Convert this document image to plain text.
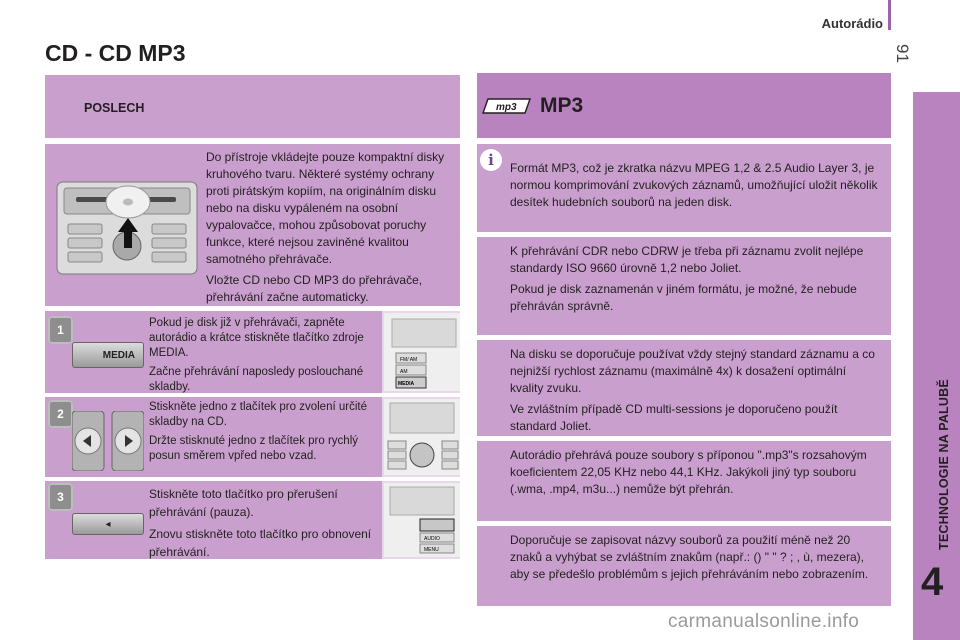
Autorádio
91
TECHNOLOGIE NA PALUBĚ
4
CD - CD MP3
POSLECH

Do přístroje vkládejte pouze kompaktní disky kruhového tvaru. Některé systémy ochrany proti pirátským kopiím, na originálním disku nebo na disku vypáleném na osobní vypalovačce, mohou způsobovat poruchy funkce, které nejsou zaviněné kvalitou samotného přehrávače.

Vložte CD nebo CD MP3 do přehrávače, přehrávání začne automaticky.

1
MEDIA

Pokud je disk již v přehrávači, zapněte autorádio a krátce stiskněte tlačítko zdroje MEDIA.

Začne přehrávání naposledy poslouchané skladby.

FM/ AM
AM
MEDIA
2	Stiskněte jedno z tlačítek pro zvolení určité skladby na CD.

Držte stisknuté jedno z tlačítek pro rychlý posun směrem vpřed nebo vzad.

3
◂

Stiskněte toto tlačítko pro přerušení přehrávání (pauza).

Znovu stiskněte toto tlačítko pro obnovení přehrávání.

AUDIO
MENU
mp3 MP3
i	Formát MP3, což je zkratka názvu MPEG 1,2 & 2.5 Audio Layer 3, je normou komprimování zvukových záznamů, umožňující uložit několik desítek hudebních souborů na jeden disk.

K přehrávání CDR nebo CDRW je třeba při záznamu zvolit nejlépe standardy ISO 9660 úrovně 1,2 nebo Joliet.

Pokud je disk zaznamenán v jiném formátu, je možné, že nebude přehráván správně.

Na disku se doporučuje používat vždy stejný standard záznamu a co nejnižší rychlost záznamu (maximálně 4x) k dosažení optimální kvality zvuku.

Ve zvláštním případě CD multi-sessions je doporučeno použít standard Joliet.

Autorádio přehrává pouze soubory s příponou ".mp3"s rozsahovým koeficientem 22,05 KHz nebo 44,1 KHz. Jakýkoli jiný typ souboru (.wma, .mp4, m3u...) nemůže být přehrán.

Doporučuje se zapisovat názvy souborů za použití méně než 20 znaků a vyhýbat se zvláštním znakům (např.: () " " ? ; , ù, mezera), aby se předešlo problémům s jejich přehráváním nebo zobrazením.

carmanualsonline.info
